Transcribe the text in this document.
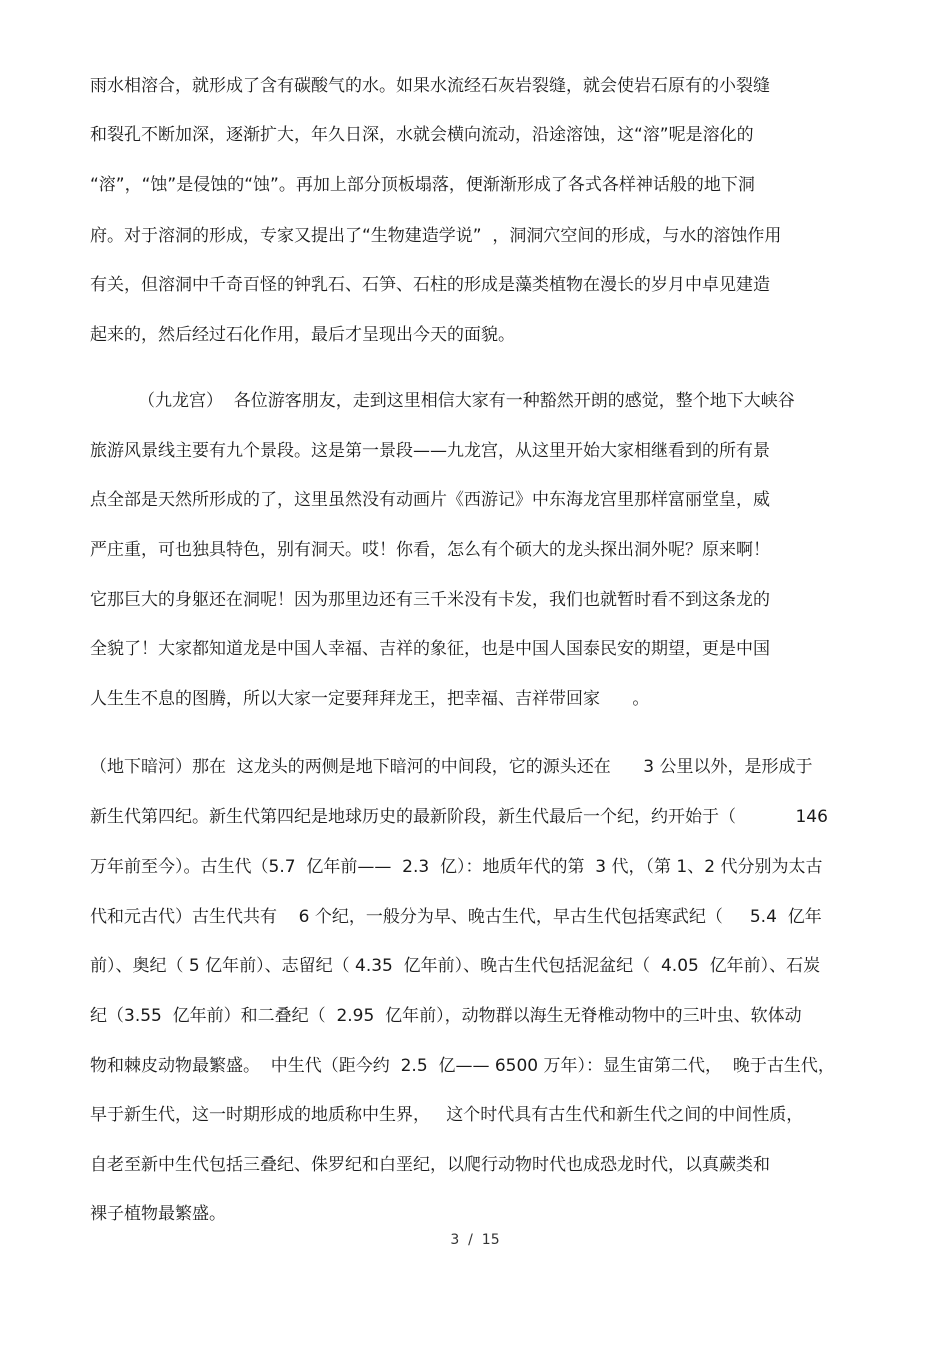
雨水相溶合，就形成了含有碳酸气的水。如果水流经石灰岩裂缝，就会使岩石原有的小裂缝
和裂孔不断加深，逐渐扩大，年久日深，水就会横向流动，沿途溶蚀，这“溶”呢是溶化的
“溶”，“蚀”是侵蚀的“蚀”。再加上部分顶板塌落，便渐渐形成了各式各样神话般的地下洞
府。对于溶洞的形成，专家又提出了“生物建造学说”  ，洞洞穴空间的形成，与水的溶蚀作用
有关，但溶洞中千奇百怪的钟乳石、石笋、石柱的形成是藻类植物在漫长的岁月中卓见建造
起来的，然后经过石化作用，最后才呈现出今天的面貌。
（九龙宫）  各位游客朋友，走到这里相信大家有一种豁然开朗的感觉，整个地下大峡谷
旅游风景线主要有九个景段。这是第一景段——九龙宫，从这里开始大家相继看到的所有景
点全部是天然所形成的了，这里虽然没有动画片《西游记》中东海龙宫里那样富丽堂皇，威
严庄重，可也独具特色，别有洞天。哎！你看，怎么有个硕大的龙头探出洞外呢？原来啊！
它那巨大的身躯还在洞呢！因为那里边还有三千米没有卡发，我们也就暂时看不到这条龙的
全貌了！大家都知道龙是中国人幸福、吉祥的象征，也是中国人国泰民安的期望，更是中国
人生生不息的图腾，所以大家一定要拜拜龙王，把幸福、吉祥带回家      。
（地下暗河）那在  这龙头的两侧是地下暗河的中间段，它的源头还在      3 公里以外，是形成于
新生代第四纪。新生代第四纪是地球历史的最新阶段，新生代最后一个纪，约开始于（           146
万年前至今）。古生代（5.7  亿年前——  2.3  亿）：地质年代的第  3 代，（第 1、2 代分别为太古
代和元古代）古生代共有    6 个纪，一般分为早、晚古生代，早古生代包括寒武纪（     5.4  亿年
前）、奥纪（ 5 亿年前）、志留纪（ 4.35  亿年前）、晚古生代包括泥盆纪（  4.05  亿年前）、石炭
纪（3.55  亿年前）和二叠纪（  2.95  亿年前），动物群以海生无脊椎动物中的三叶虫、软体动
物和棘皮动物最繁盛。  中生代（距今约  2.5  亿—— 6500 万年）：显生宙第二代，  晚于古生代，
早于新生代，这一时期形成的地质称中生界，   这个时代具有古生代和新生代之间的中间性质，
自老至新中生代包括三叠纪、侏罗纪和白垩纪，以爬行动物时代也成恐龙时代，以真蕨类和
裸子植物最繁盛。
3  /  15
